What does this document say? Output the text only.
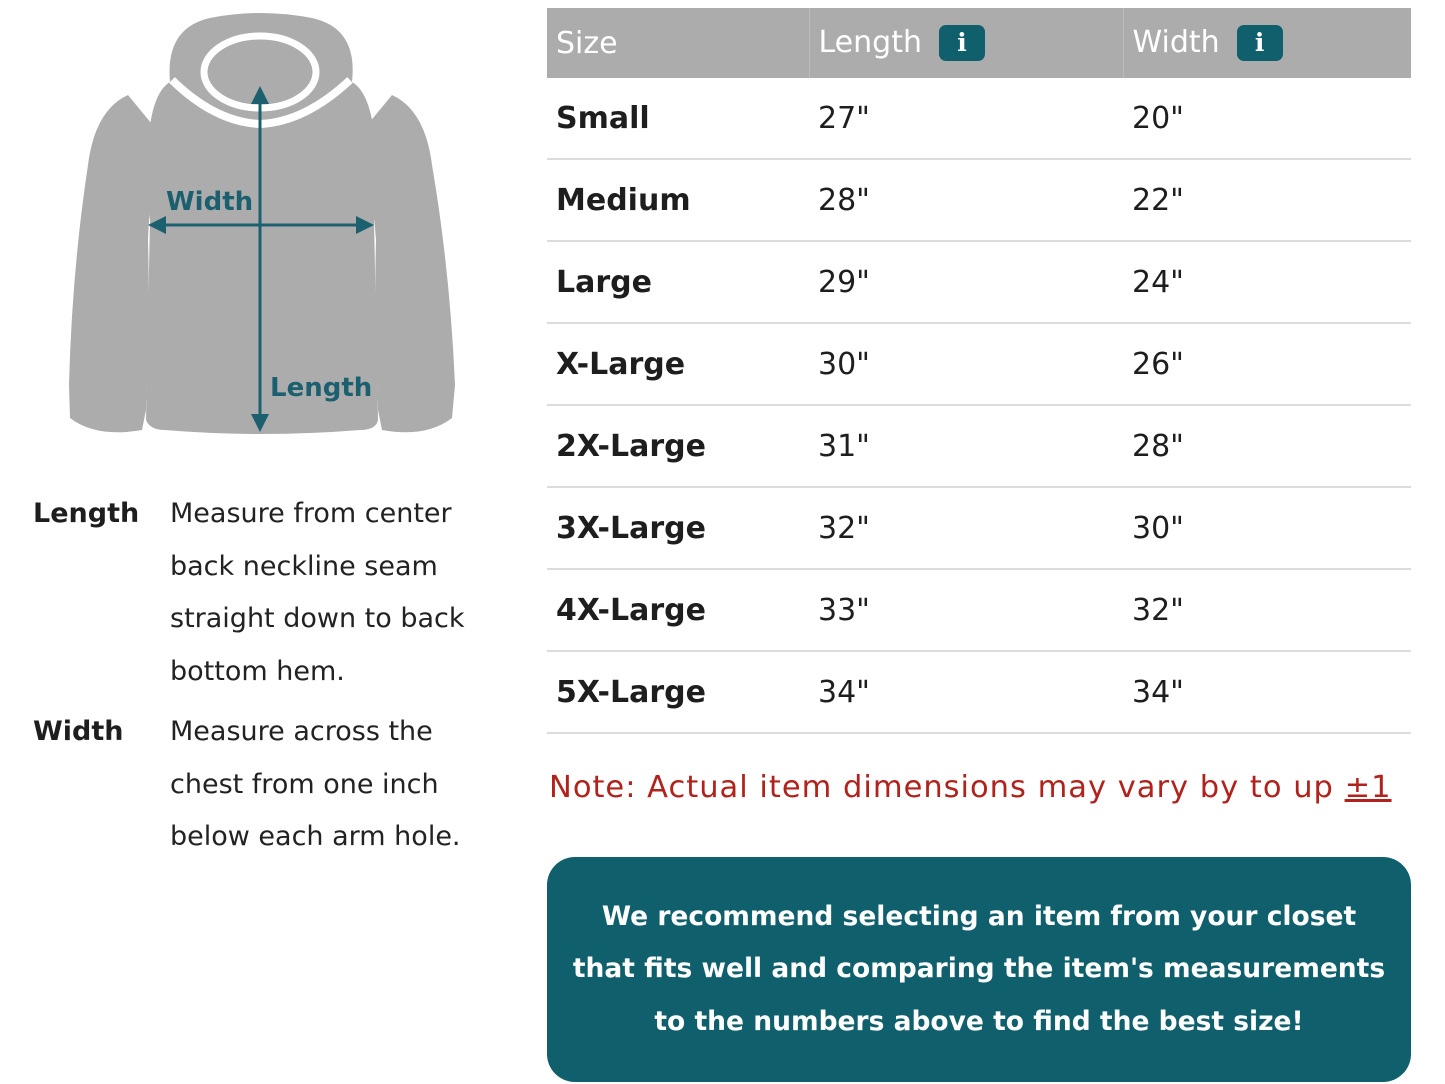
Width
Length
Length	Measure from center
back neckline seam
straight down to back
bottom hem.
Width	Measure across the
chest from one inch
below each arm hole.
Size	Length i	Width i
Small	27"	20"
Medium	28"	22"
Large	29"	24"
X-Large	30"	26"
2X-Large	31"	28"
3X-Large	32"	30"
4X-Large	33"	32"
5X-Large	34"	34"
Note: Actual item dimensions may vary by to up ±1

We recommend selecting an item from your closet

that fits well and comparing the item's measurements

to the numbers above to find the best size!
